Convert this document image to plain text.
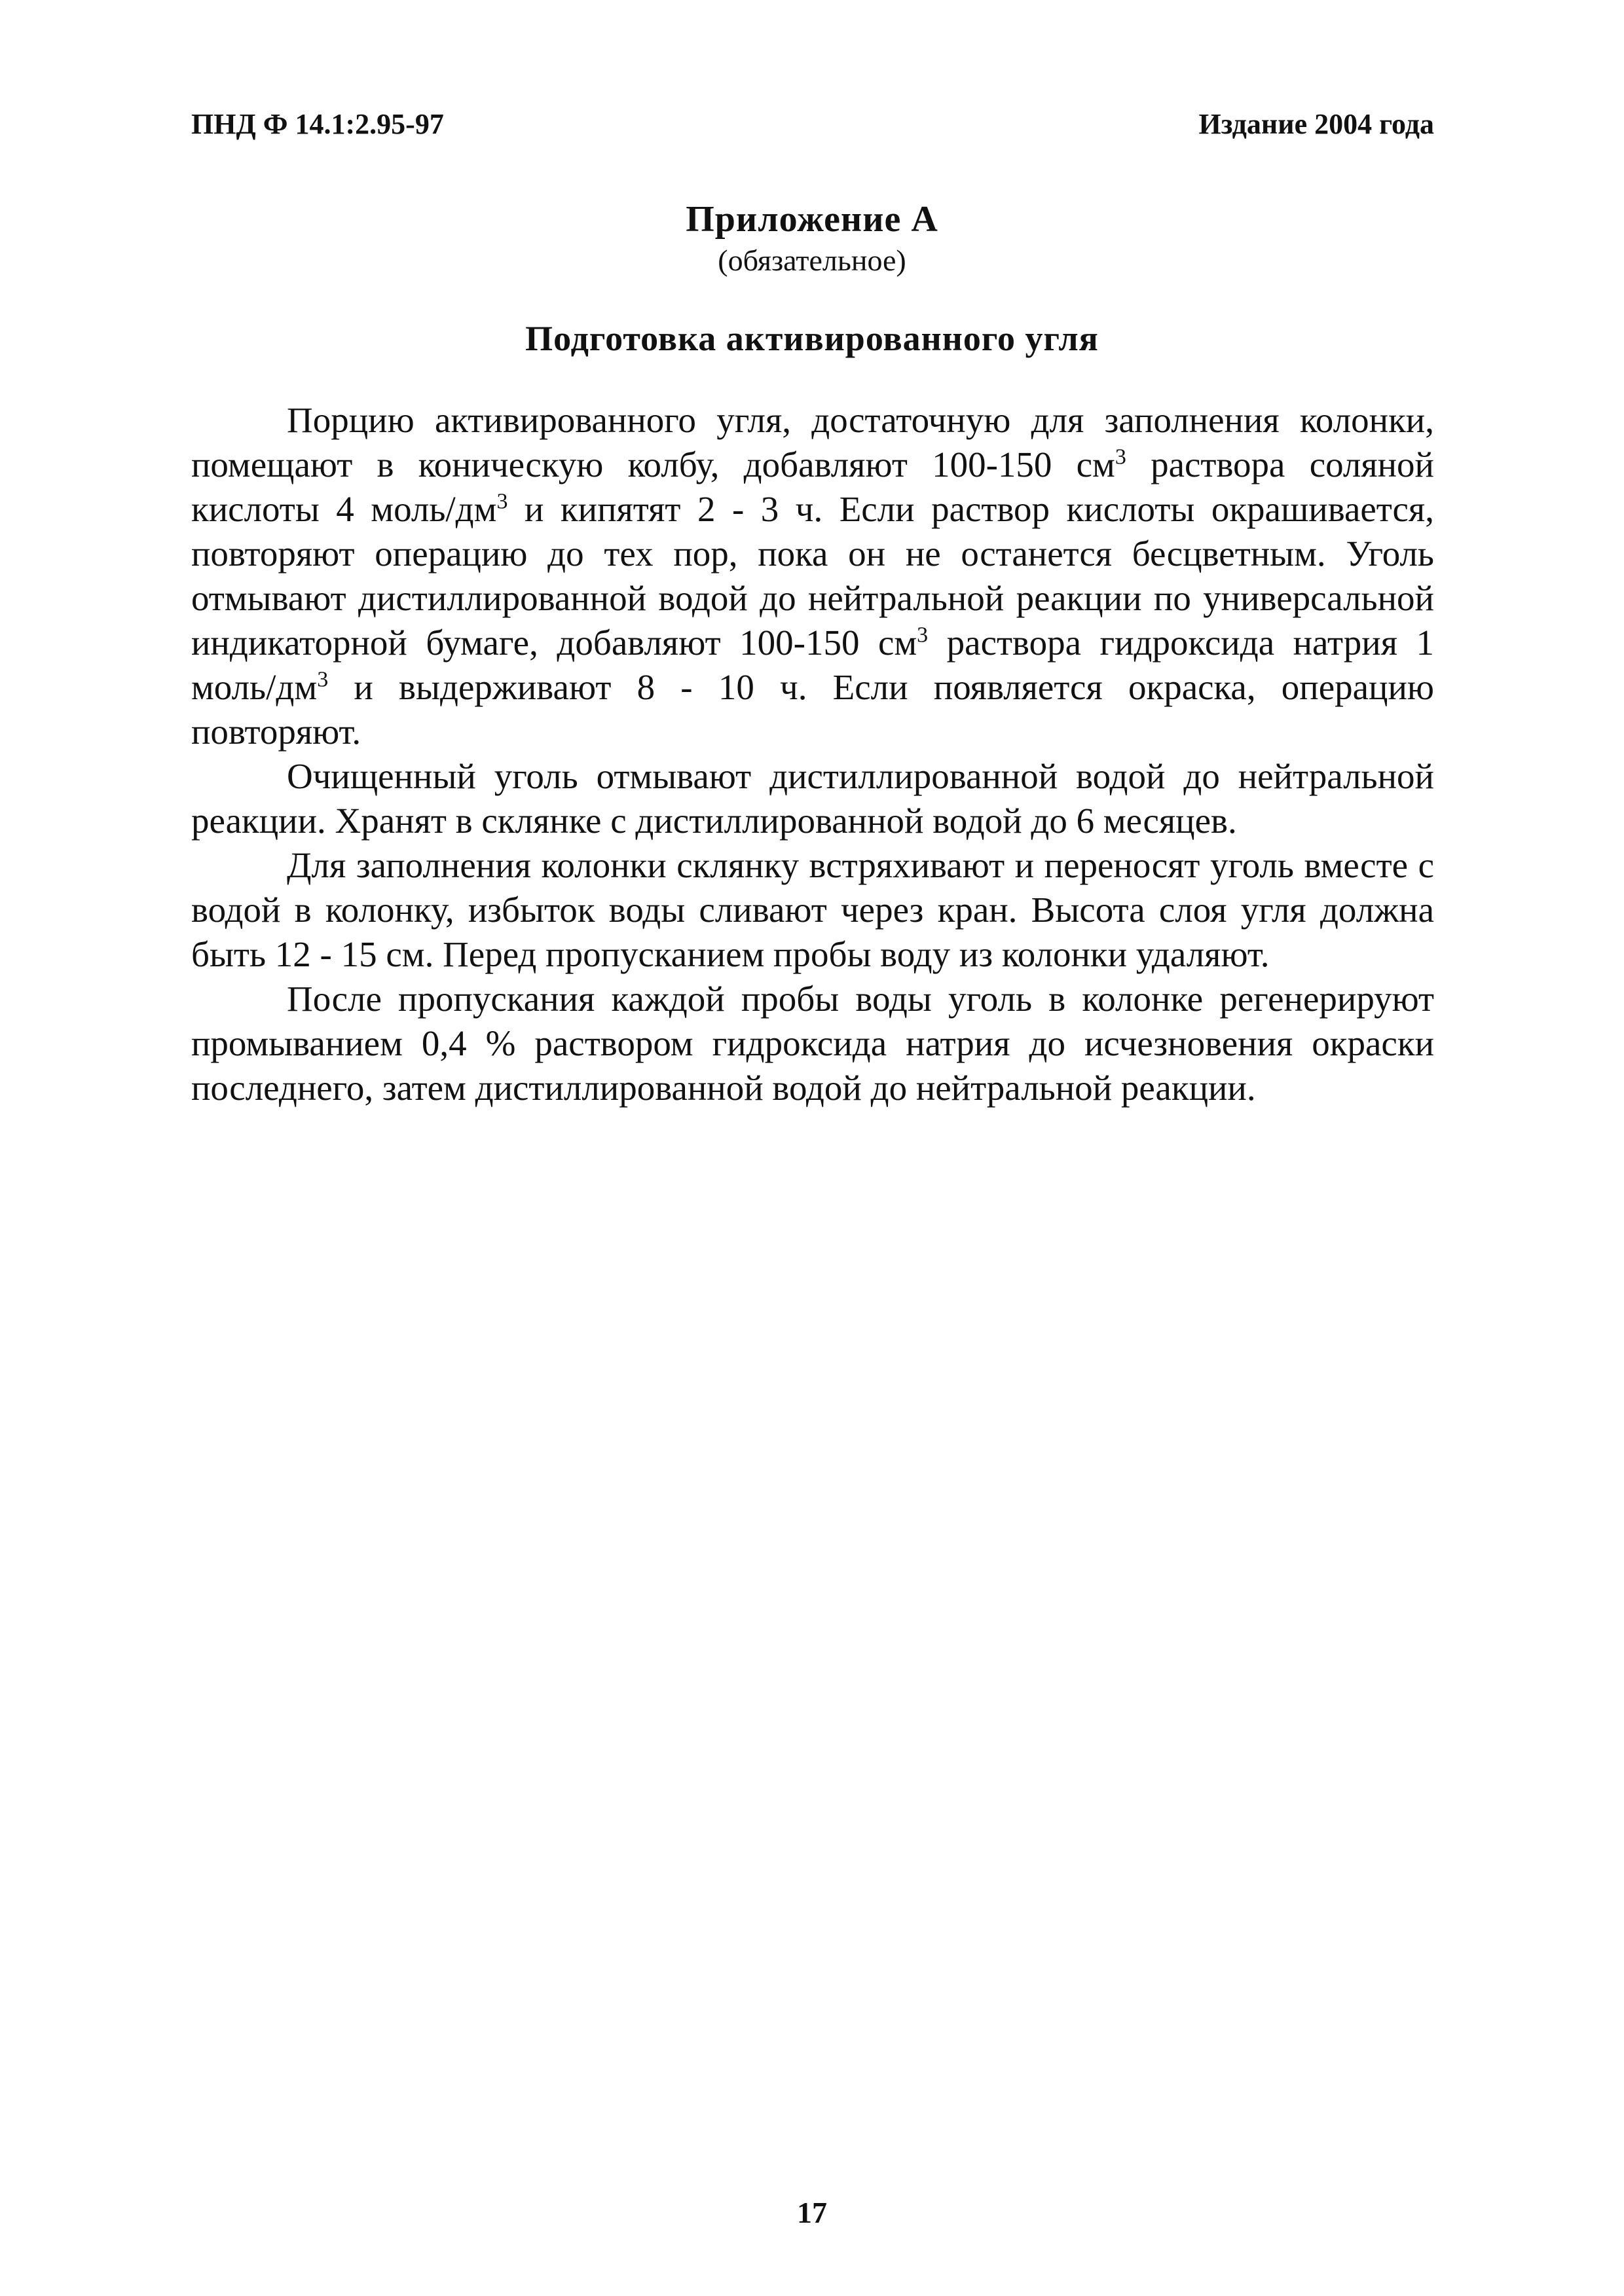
ПНД Ф 14.1:2.95-97	Издание 2004 года
Приложение А
(обязательное)
Подготовка активированного угля

Порцию активированного угля, достаточную для заполнения колонки, помещают в коническую колбу, добавляют 100-150 $см^3$ раствора соляной кислоты 4 моль/$дм^3$ и кипятят 2 - 3 ч. Если раствор кислоты окрашивается, повторяют операцию до тех пор, пока он не останется бесцветным. Уголь отмывают дистиллированной водой до нейтральной реакции по универсальной индикаторной бумаге, добавляют 100-150 $см^3$ раствора гидроксида натрия 1 моль/$дм^3$ и выдерживают 8 - 10 ч. Если появляется окраска, операцию повторяют.

Очищенный уголь отмывают дистиллированной водой до нейтральной реакции. Хранят в склянке с дистиллированной водой до 6 месяцев.

Для заполнения колонки склянку встряхивают и переносят уголь вместе с водой в колонку, избыток воды сливают через кран. Высота слоя угля должна быть 12 - 15 см. Перед пропусканием пробы воду из колонки удаляют.

После пропускания каждой пробы воды уголь в колонке регенерируют промыванием 0,4 % раствором гидроксида натрия до исчезновения окраски последнего, затем дистиллированной водой до нейтральной реакции.

17
